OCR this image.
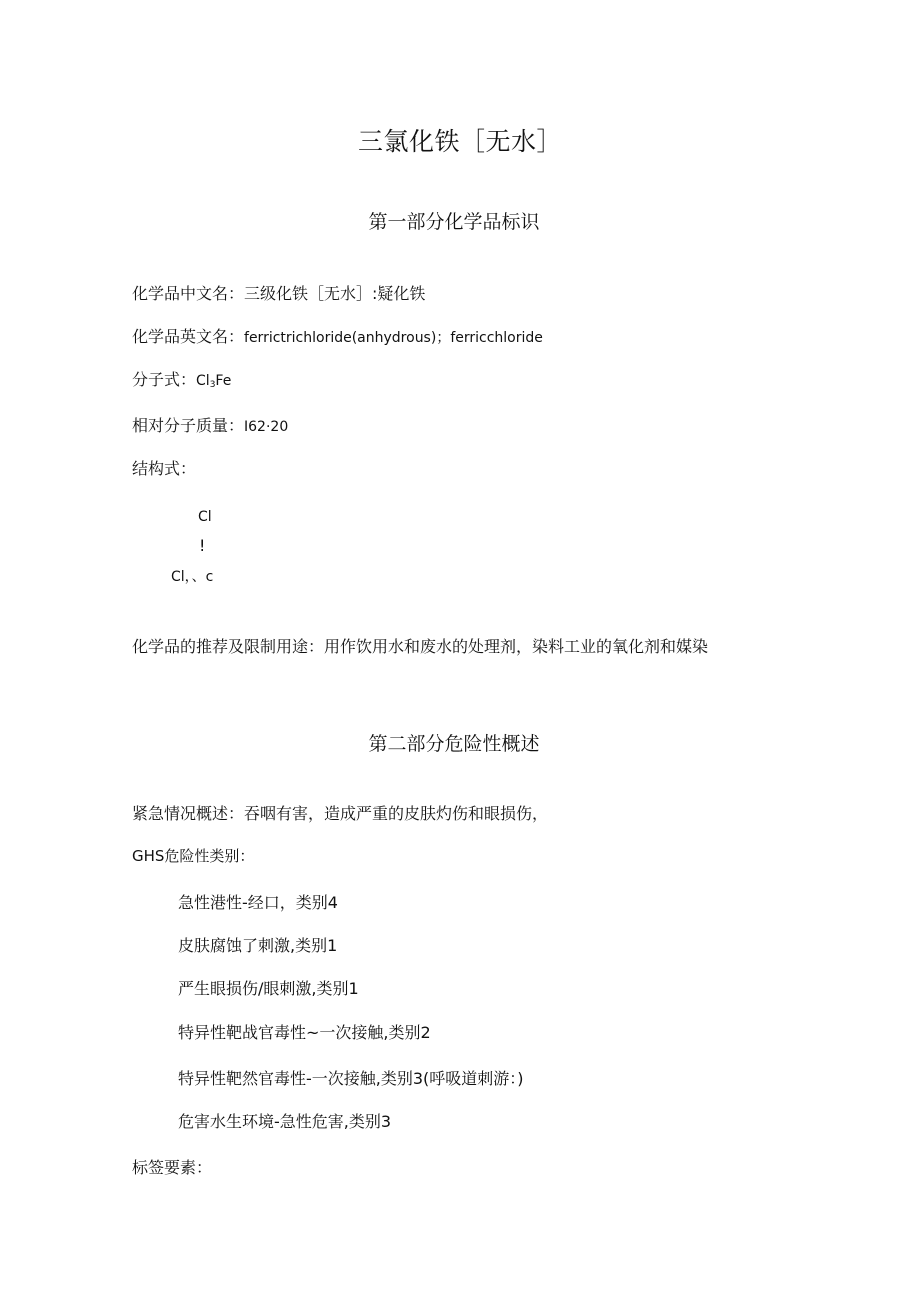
三氯化铁［无水］
第一部分化学品标识
化学品中文名：三级化铁［无水］:疑化铁
化学品英文名：ferrictrichloride(anhydrous)；ferricchloride
分子式：$Cl_3Fe$
相对分子质量：I62·20
结构式：
Cl
!
Cl，、c
化学品的推荐及限制用途：用作饮用水和废水的处理剂，染料工业的氧化剂和媒染
第二部分危险性概述
紧急情况概述：吞咽有害，造成严重的皮肤灼伤和眼损伤，
GHS危险性类别：
急性港性-经口，类别4
皮肤腐蚀了刺激,类别1
严生眼损伤/眼刺激,类别1
特异性靶战官毒性~一次接触,类别2
特异性靶然官毒性-一次接触,类别3(呼吸道刺游：)
危害水生环境-急性危害,类别3
标签要素：
